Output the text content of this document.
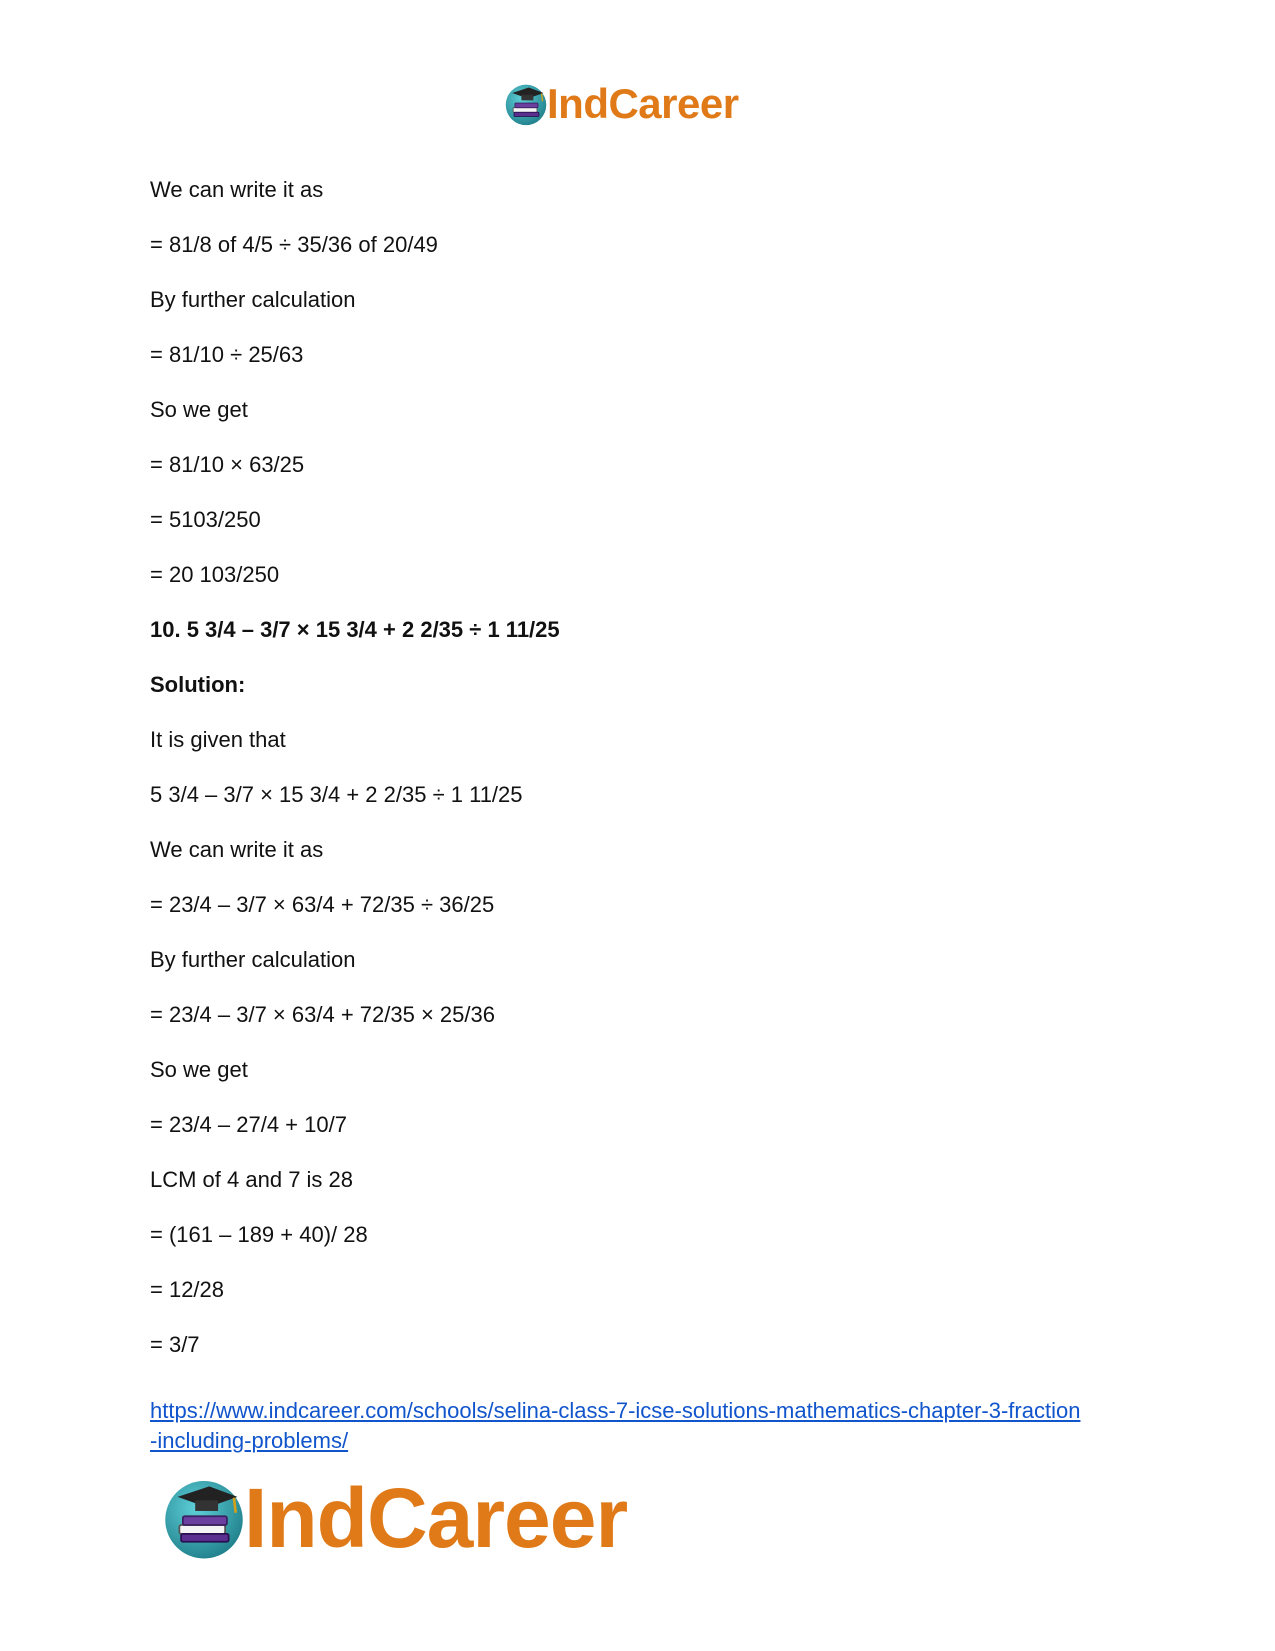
IndCareer
We can write it as
= 81/8 of 4/5 ÷ 35/36 of 20/49
By further calculation
= 81/10 ÷ 25/63
So we get
= 81/10 × 63/25
= 5103/250
= 20 103/250
10. 5 3/4 – 3/7 × 15 3/4 + 2 2/35 ÷ 1 11/25
Solution:
It is given that
5 3/4 – 3/7 × 15 3/4 + 2 2/35 ÷ 1 11/25
We can write it as
= 23/4 – 3/7 × 63/4 + 72/35 ÷ 36/25
By further calculation
= 23/4 – 3/7 × 63/4 + 72/35 × 25/36
So we get
= 23/4 – 27/4 + 10/7
LCM of 4 and 7 is 28
= (161 – 189 + 40)/ 28
= 12/28
= 3/7
https://www.indcareer.com/schools/selina-class-7-icse-solutions-mathematics-chapter-3-fraction
-including-problems/
IndCareer
